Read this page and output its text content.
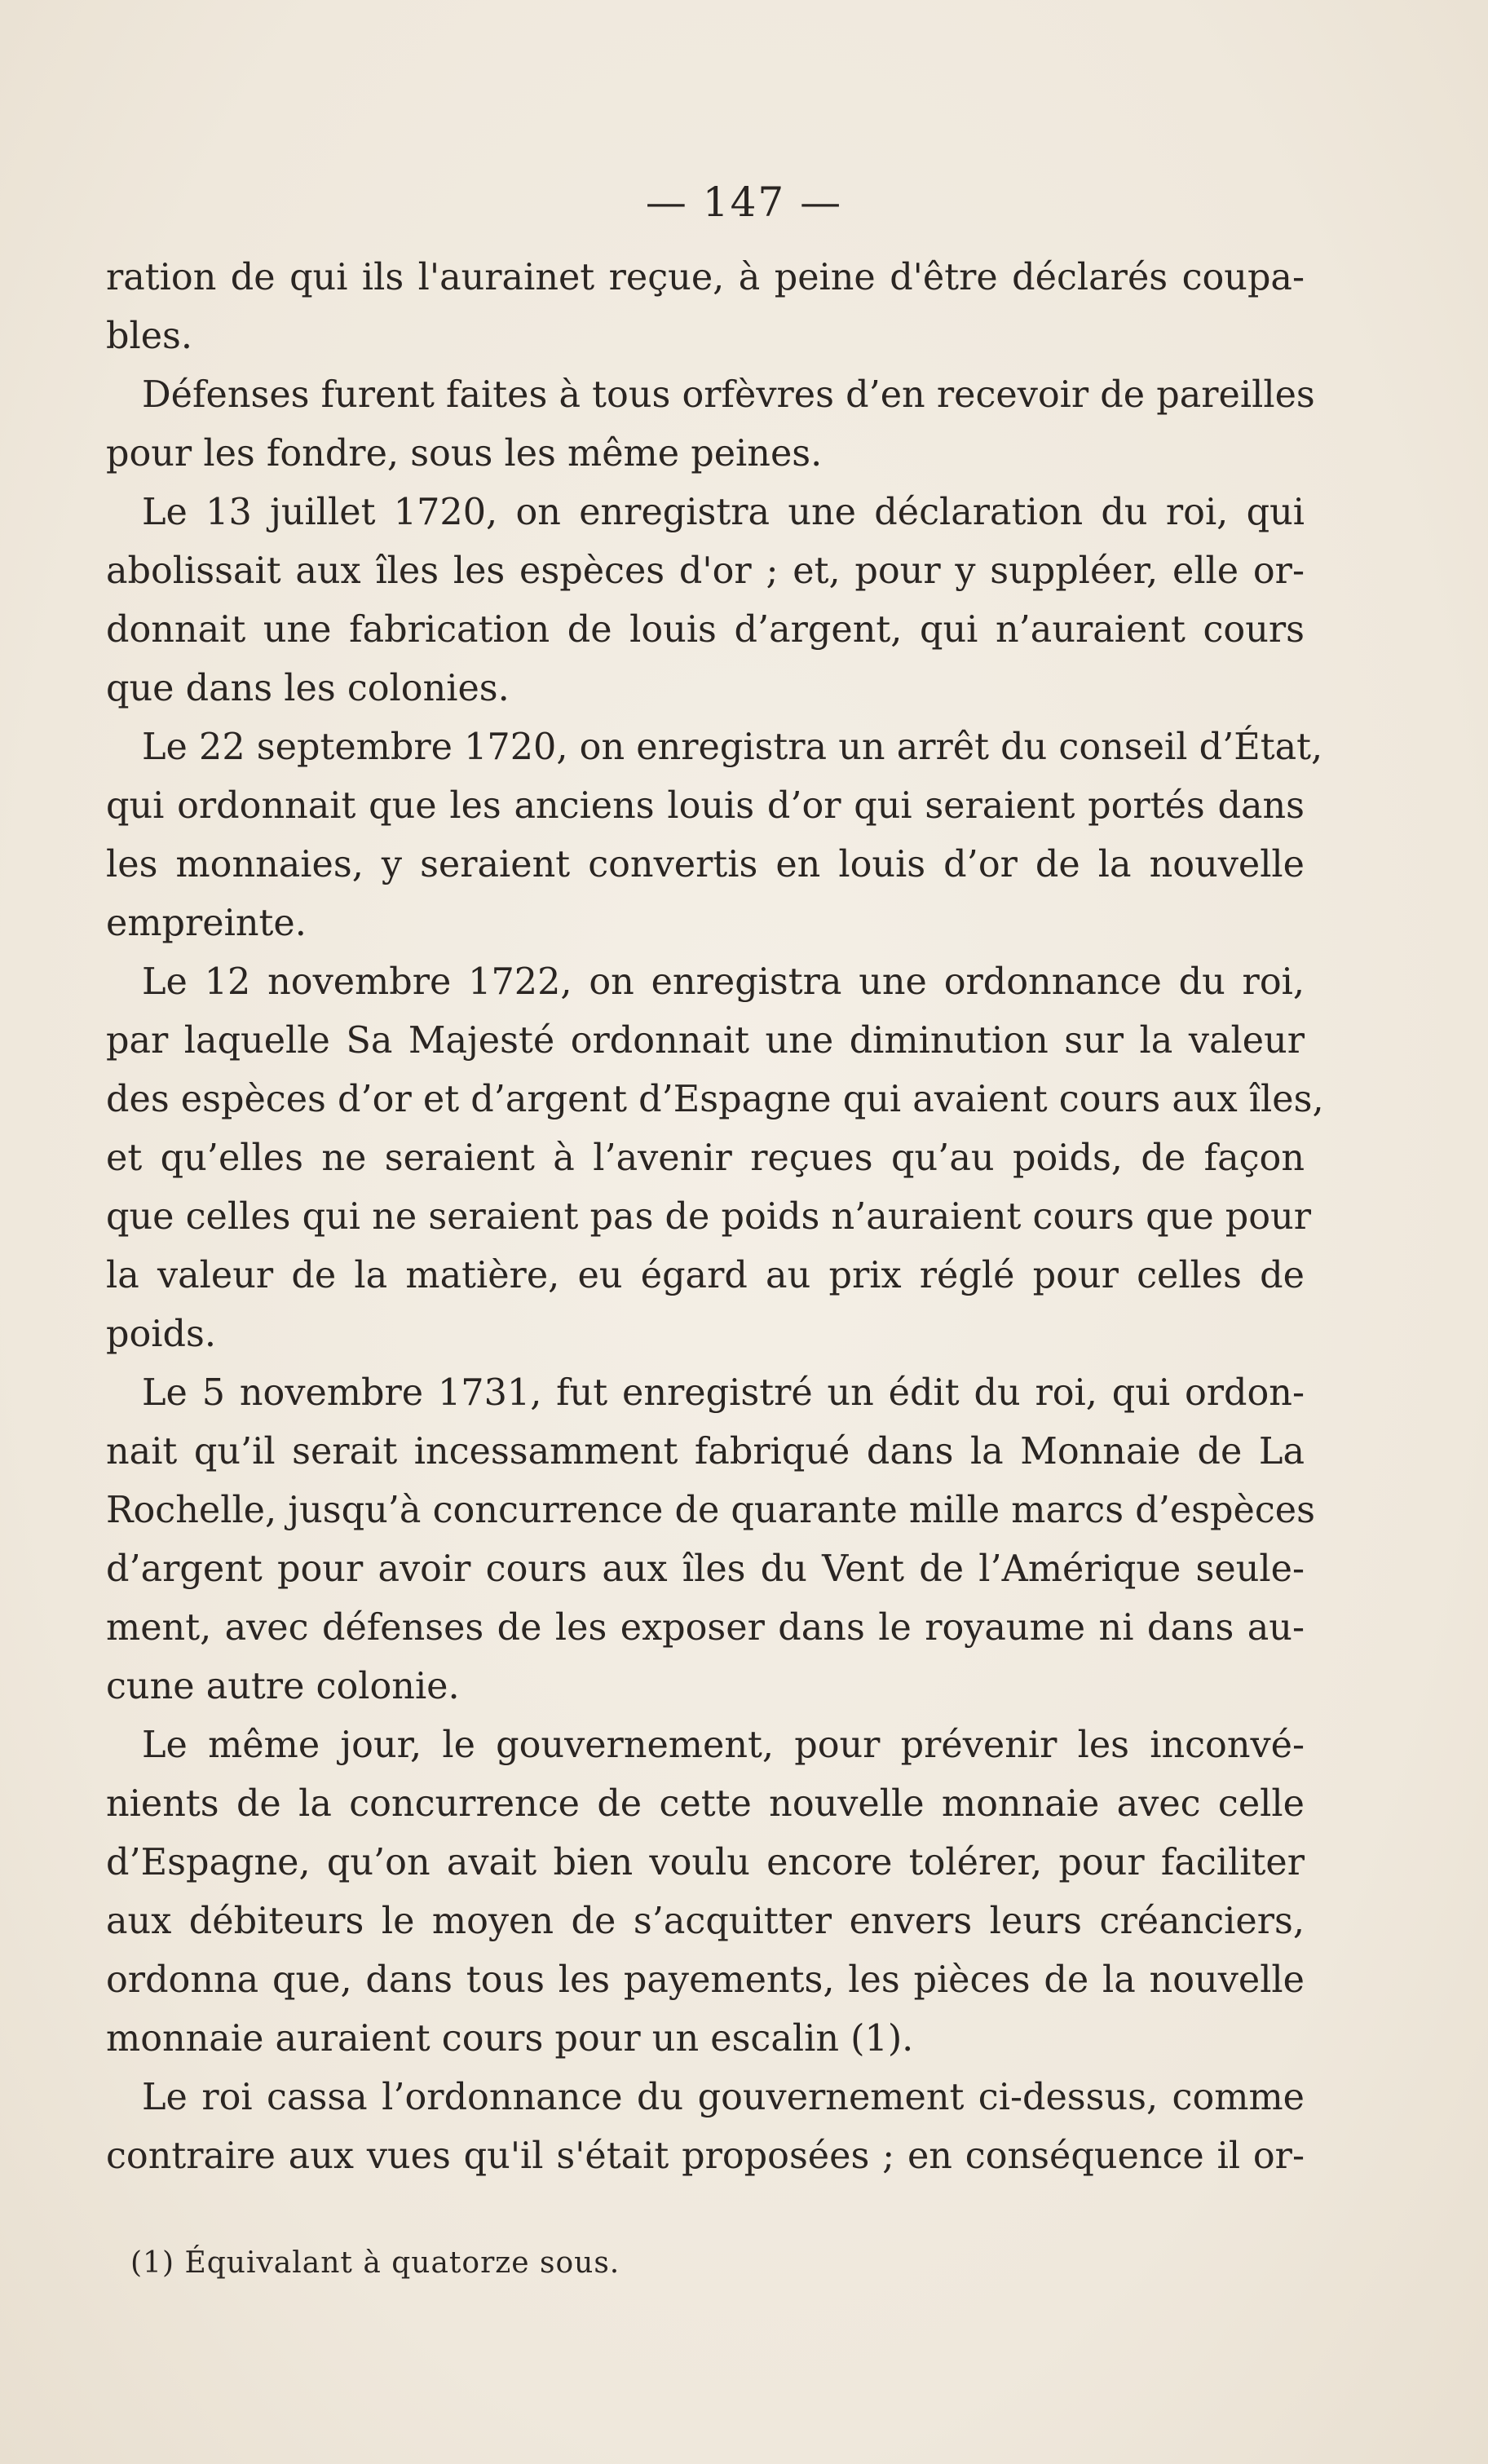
— 147 —
ration de qui ils l'aurainet reçue, à peine d'être déclarés coupa-
bles.
Défenses furent faites à tous orfèvres d’en recevoir de pareilles
pour les fondre, sous les même peines.
Le 13 juillet 1720, on enregistra une déclaration du roi, qui
abolissait aux îles les espèces d'or ; et, pour y suppléer, elle or-
donnait une fabrication de louis d’argent, qui n’auraient cours
que dans les colonies.
Le 22 septembre 1720, on enregistra un arrêt du conseil d’État,
qui ordonnait que les anciens louis d’or qui seraient portés dans
les monnaies, y seraient convertis en louis d’or de la nouvelle
empreinte.
Le 12 novembre 1722, on enregistra une ordonnance du roi,
par laquelle Sa Majesté ordonnait une diminution sur la valeur
des espèces d’or et d’argent d’Espagne qui avaient cours aux îles,
et qu’elles ne seraient à l’avenir reçues qu’au poids, de façon
que celles qui ne seraient pas de poids n’auraient cours que pour
la valeur de la matière, eu égard au prix réglé pour celles de
poids.
Le 5 novembre 1731, fut enregistré un édit du roi, qui ordon-
nait qu’il serait incessamment fabriqué dans la Monnaie de La
Rochelle, jusqu’à concurrence de quarante mille marcs d’espèces
d’argent pour avoir cours aux îles du Vent de l’Amérique seule-
ment, avec défenses de les exposer dans le royaume ni dans au-
cune autre colonie.
Le même jour, le gouvernement, pour prévenir les inconvé-
nients de la concurrence de cette nouvelle monnaie avec celle
d’Espagne, qu’on avait bien voulu encore tolérer, pour faciliter
aux débiteurs le moyen de s’acquitter envers leurs créanciers,
ordonna que, dans tous les payements, les pièces de la nouvelle
monnaie auraient cours pour un escalin (1).
Le roi cassa l’ordonnance du gouvernement ci-dessus, comme
contraire aux vues qu'il s'était proposées ; en conséquence il or-
(1) Équivalant à quatorze sous.
